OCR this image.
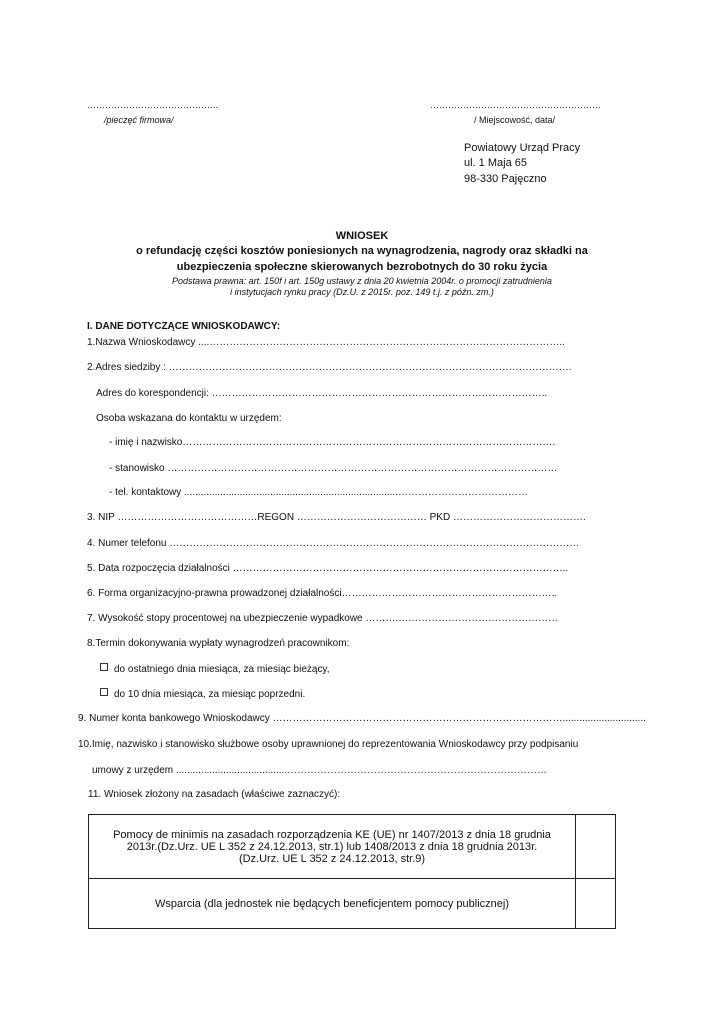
……………………………………..
/pieczęć firmowa/
…………………………………………………
/ Miejscowość, data/
Powiatowy Urząd Pracy
ul. 1 Maja 65
98-330 Pajęczno
WNIOSEK
o refundację części kosztów poniesionych na wynagrodzenia, nagrody oraz składki na
ubezpieczenia społeczne skierowanych bezrobotnych do 30 roku życia
Podstawa prawna: art. 150f i art. 150g ustawy z dnia 20 kwietnia 2004r. o promocji zatrudnienia
i instytucjach rynku pracy (Dz.U. z 2015r. poz. 149 t.j. z późn. zm.)
I. DANE DOTYCZĄCE WNIOSKODAWCY:
1.Nazwa Wnioskodawcy ....……………………………………………………………………………………………..
2.Adres siedziby : ………………………………………………………………………………………………………….
Adres do korespondencji: ………………………………………………………………………………………..
Osoba wskazana do kontaktu w urzędem:
- imię i nazwisko………………………………………………………………………………………………….
- stanowisko ………………………………………………………………………………………………………
- tel. kontaktowy .............................................................................…………………………………
3. NIP ……………………………………REGON ………………………………… PKD ………………………………….
4. Numer telefonu ……………………………………………………………………………………………………………
5. Data rozpoczęcia działalności ………………………………………………………………………………………..
6. Forma organizacyjno-prawna prowadzonej działalności………………………………………………………..
7. Wysokość stopy procentowej na ubezpieczenie wypadkowe ……….…………………………………………
8.Termin dokonywania wypłaty wynagrodzeń pracownikom:
do ostatniego dnia miesiąca, za miesiąc bieżący,
do 10 dnia miesiąca, za miesiąc poprzedni.
9. Numer konta bankowego Wnioskodawcy ……………………………………………………………………………..............................
10.Imię, nazwisko i stanowisko służbowe osoby uprawnionej do reprezentowania Wnioskodawcy przy podpisaniu
umowy z urzędem ........................................……………………………………………………………………
11. Wniosek złożony na zasadach (właściwe zaznaczyć):
Pomocy de minimis na zasadach rozporządzenia KE (UE) nr 1407/2013 z dnia 18 grudnia
2013r.(Dz.Urz. UE L 352 z 24.12.2013, str.1) lub 1408/2013 z dnia 18 grudnia 2013r.
(Dz.Urz. UE L 352 z 24.12.2013, str.9)	

Wsparcia (dla jednostek nie będących beneficjentem pomocy publicznej)	
